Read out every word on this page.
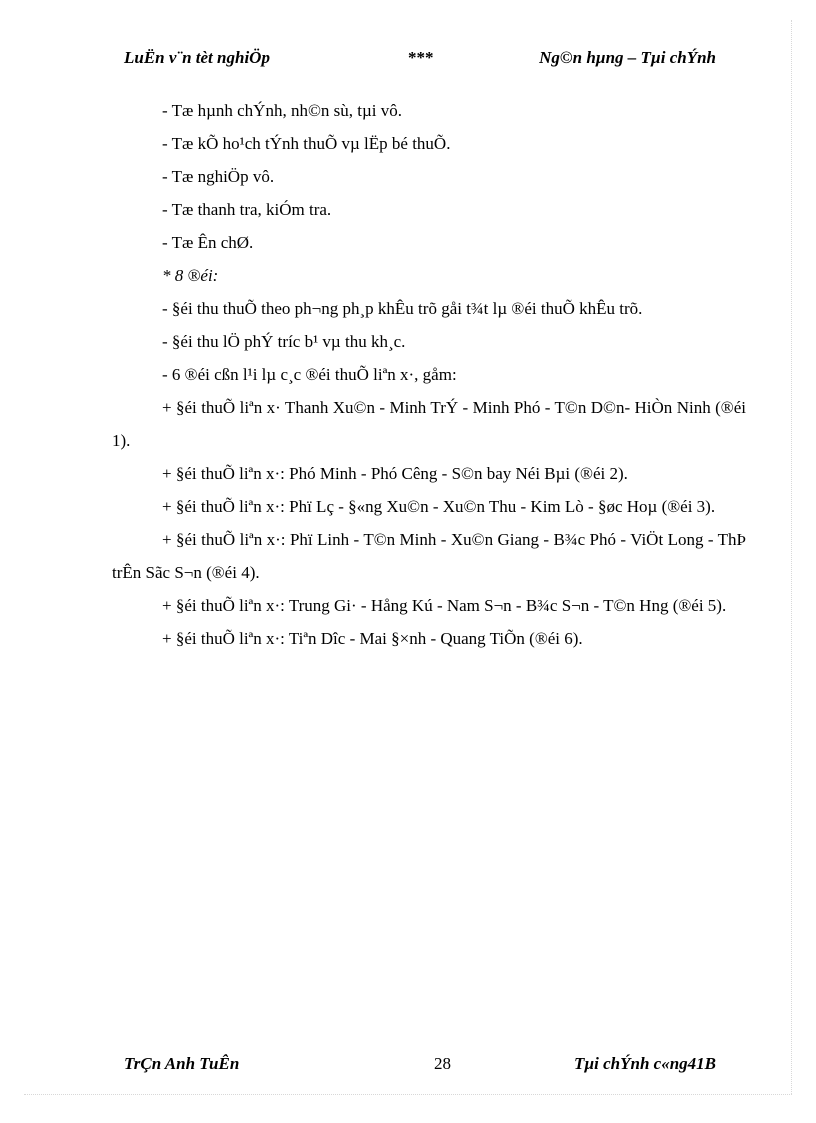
LuËn v¨n tèt nghiÖp	***	Ng©n hµng – Tµi chÝnh

- Tæ hµnh chÝnh, nh©n sù, tµi vô.

- Tæ kÕ ho¹ch tÝnh thuÕ vµ lËp bé thuÕ.

- Tæ nghiÖp vô.

- Tæ thanh tra, kiÓm tra.

- Tæ Ên chØ.

* 8 ®éi:

- §éi thu thuÕ theo ph¬ng ph¸p khÊu trõ gåi t¾t lµ ®éi thuÕ khÊu trõ.

- §éi thu lÖ phÝ tríc b¹ vµ thu kh¸c.

- 6 ®éi cßn l¹i lµ c¸c ®éi thuÕ liªn x·, gåm:

+ §éi thuÕ liªn x· Thanh Xu©n - Minh TrÝ - Minh Phó - T©n D©n- HiÒn Ninh (®éi 1).

+ §éi thuÕ liªn x·: Phó Minh - Phó Cêng - S©n bay Néi Bµi (®éi 2).

+ §éi thuÕ liªn x·: Phï Lç - §«ng Xu©n - Xu©n Thu - Kim Lò - §øc Hoµ (®éi 3).

+ §éi thuÕ liªn x·: Phï Linh - T©n Minh - Xu©n Giang - B¾c Phó - ViÖt Long - ThÞ trÊn Sãc S¬n (®éi 4).

+ §éi thuÕ liªn x·: Trung Gi· - Hång Kú - Nam S¬n - B¾c S¬n - T©n Hng (®éi 5).

+ §éi thuÕ liªn x·: Tiªn Dîc - Mai §×nh - Quang TiÕn (®éi 6).

TrÇn Anh TuÊn	28	Tµi chÝnh c«ng41B
